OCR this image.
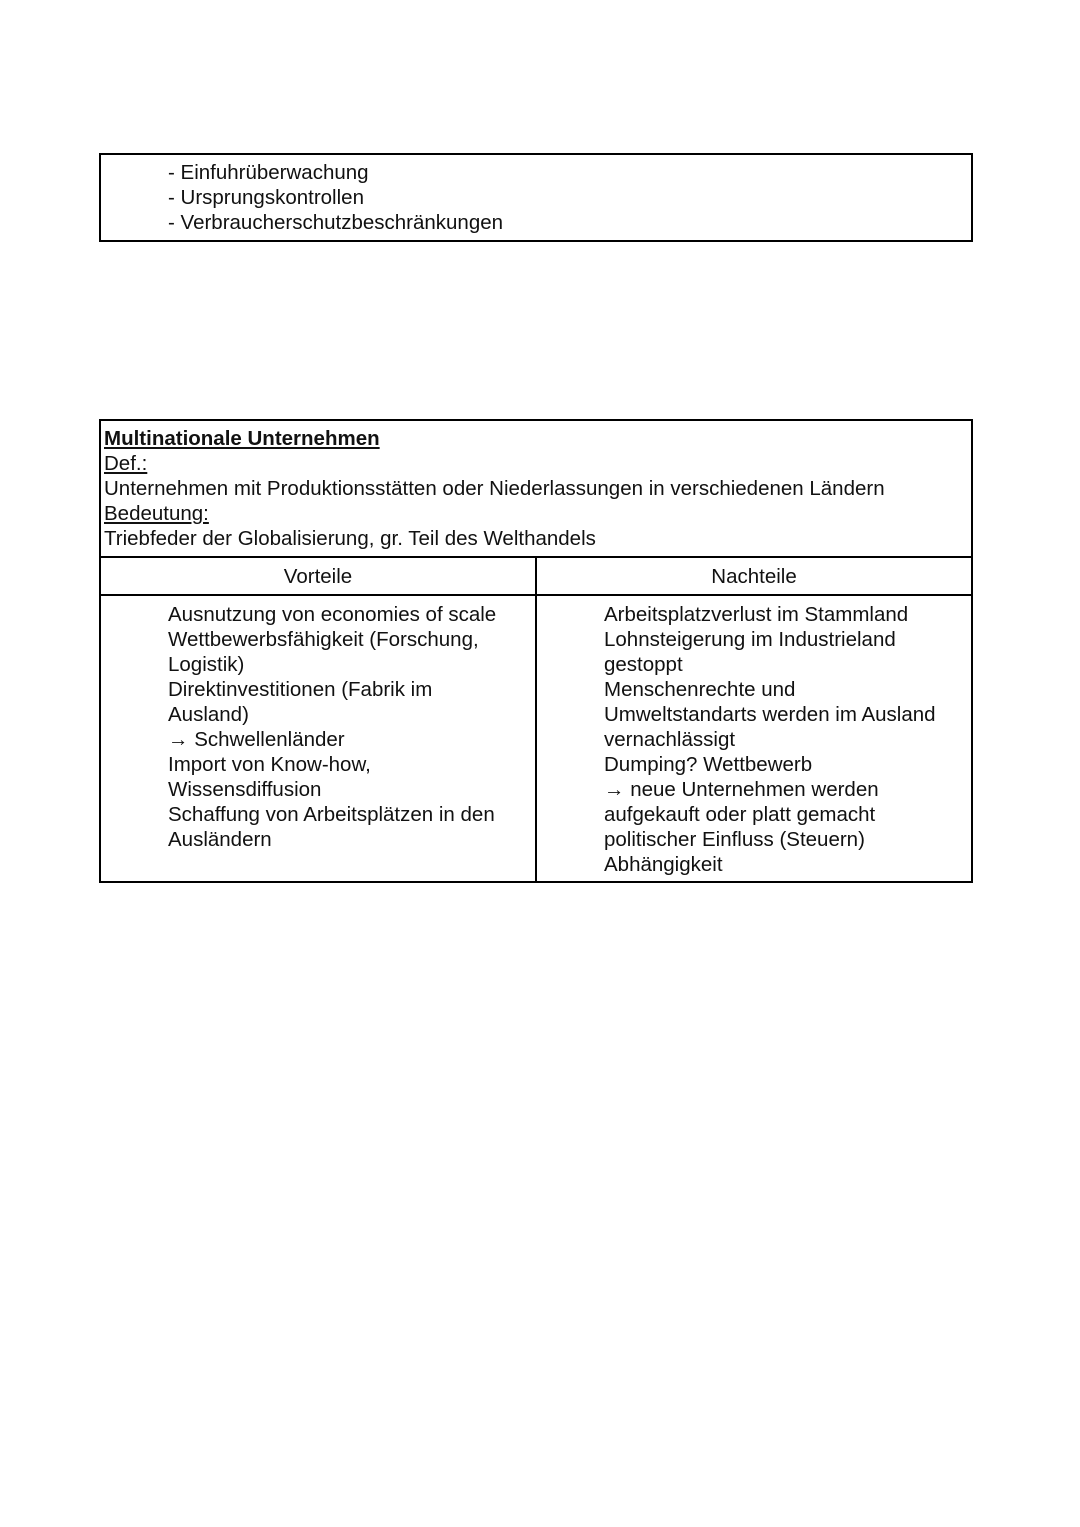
- Einfuhrüberwachung
- Ursprungskontrollen
- Verbraucherschutzbeschränkungen
Multinationale Unternehmen
Def.:
Unternehmen mit Produktionsstätten oder Niederlassungen in verschiedenen Ländern
Bedeutung:
Triebfeder der Globalisierung, gr. Teil des Welthandels
Vorteile	Nachteile
Ausnutzung von economies of scale
Wettbewerbsfähigkeit (Forschung,
Logistik)
Direktinvestitionen (Fabrik im
Ausland)
→ Schwellenländer
Import von Know-how,
Wissensdiffusion
Schaffung von Arbeitsplätzen in den
Ausländern
Arbeitsplatzverlust im Stammland
Lohnsteigerung im Industrieland
gestoppt
Menschenrechte und
Umweltstandarts werden im Ausland
vernachlässigt
Dumping? Wettbewerb
→ neue Unternehmen werden
aufgekauft oder platt gemacht
politischer Einfluss (Steuern)
Abhängigkeit
